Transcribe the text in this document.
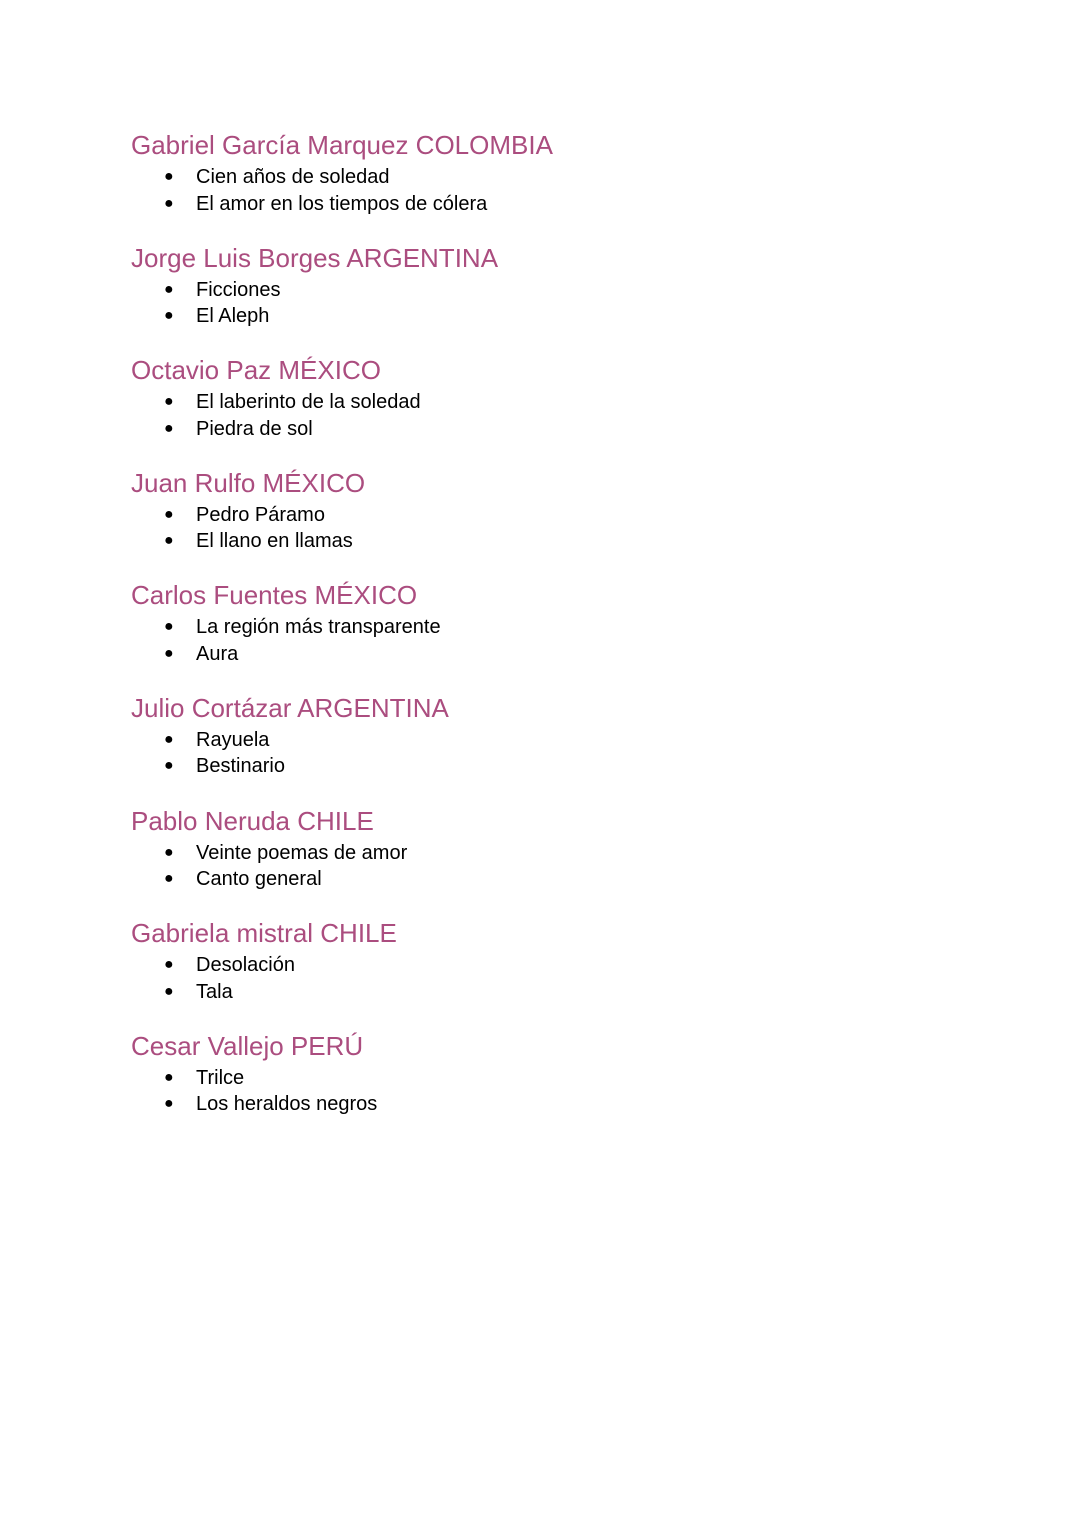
Gabriel García Marquez COLOMBIA
● Cien años de soledad
● El amor en los tiempos de cólera
Jorge Luis Borges ARGENTINA
● Ficciones
● El Aleph
Octavio Paz MÉXICO
● El laberinto de la soledad
● Piedra de sol
Juan Rulfo MÉXICO
● Pedro Páramo
● El llano en llamas
Carlos Fuentes MÉXICO
● La región más transparente
● Aura
Julio Cortázar ARGENTINA
● Rayuela
● Bestinario
Pablo Neruda CHILE
● Veinte poemas de amor
● Canto general
Gabriela mistral CHILE
● Desolación
● Tala
Cesar Vallejo PERÚ
● Trilce
● Los heraldos negros
